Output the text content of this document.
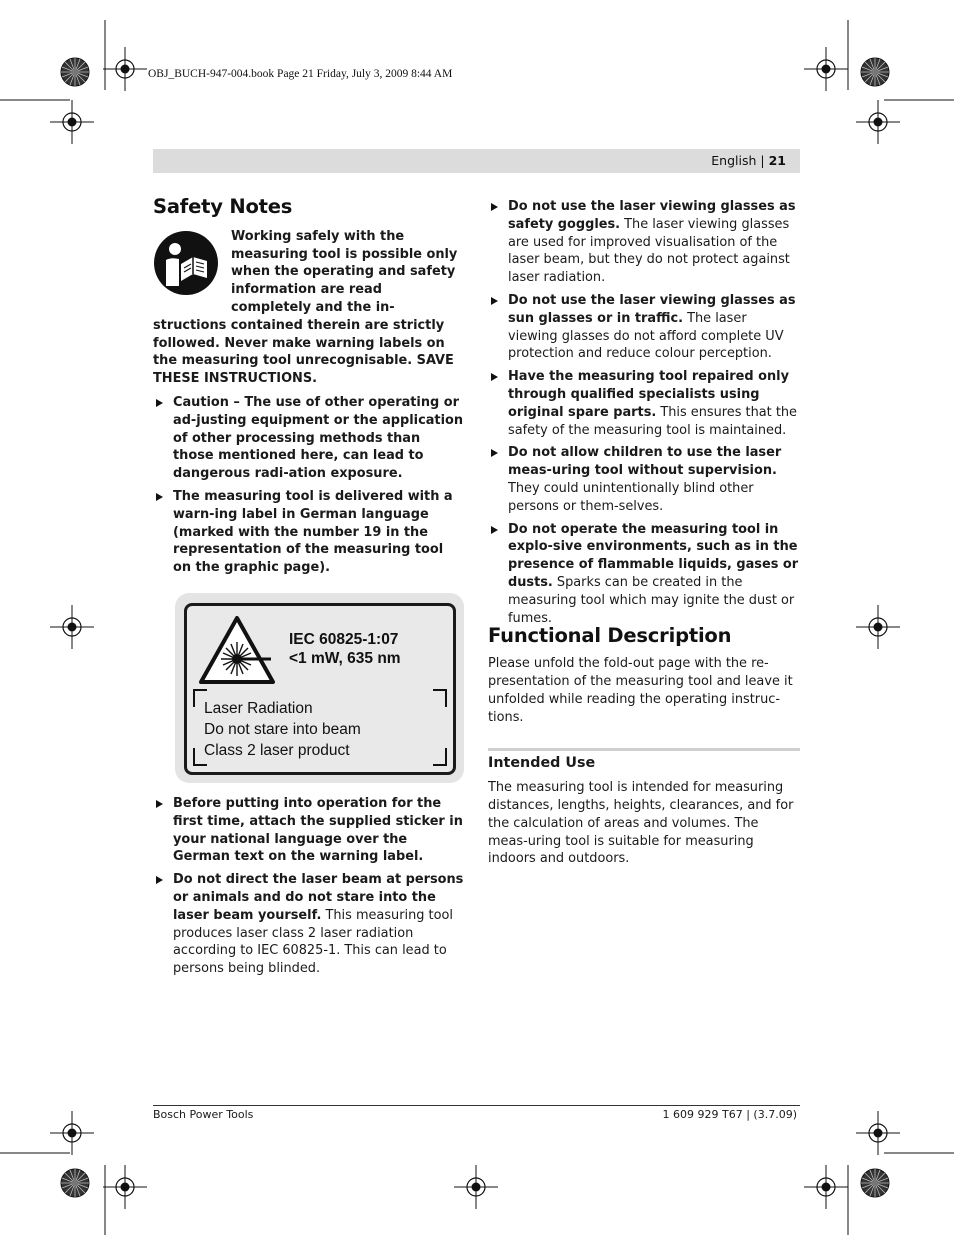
OBJ_BUCH-947-004.book Page 21 Friday, July 3, 2009 8:44 AM
English | 21
Safety Notes
Working safely with the measuring tool is possible only when the operating and safety information are read completely and the in-structions contained therein are strictly followed. Never make warning labels on the measuring tool unrecognisable. SAVE THESE INSTRUCTIONS.
Caution – The use of other operating or ad-justing equipment or the application of other processing methods than those mentioned here, can lead to dangerous radi-ation exposure.
The measuring tool is delivered with a warn-ing label in German language (marked with the number 19 in the representation of the measuring tool on the graphic page).
IEC 60825-1:07
<1 mW, 635 nm
Laser Radiation
Do not stare into beam
Class 2 laser product
Before putting into operation for the first time, attach the supplied sticker in your national language over the German text on the warning label.
Do not direct the laser beam at persons or animals and do not stare into the laser beam yourself. This measuring tool produces laser class 2 laser radiation according to IEC 60825-1. This can lead to persons being blinded.
Do not use the laser viewing glasses as safety goggles. The laser viewing glasses are used for improved visualisation of the laser beam, but they do not protect against laser radiation.
Do not use the laser viewing glasses as sun glasses or in traffic. The laser viewing glasses do not afford complete UV protection and reduce colour perception.
Have the measuring tool repaired only through qualified specialists using original spare parts. This ensures that the safety of the measuring tool is maintained.
Do not allow children to use the laser meas-uring tool without supervision. They could unintentionally blind other persons or them-selves.
Do not operate the measuring tool in explo-sive environments, such as in the presence of flammable liquids, gases or dusts. Sparks can be created in the measuring tool which may ignite the dust or fumes.
Functional Description
Please unfold the fold-out page with the re-presentation of the measuring tool and leave it unfolded while reading the operating instruc-tions.
Intended Use
The measuring tool is intended for measuring distances, lengths, heights, clearances, and for the calculation of areas and volumes. The meas-uring tool is suitable for measuring indoors and outdoors.
Bosch Power Tools	1 609 929 T67 | (3.7.09)
